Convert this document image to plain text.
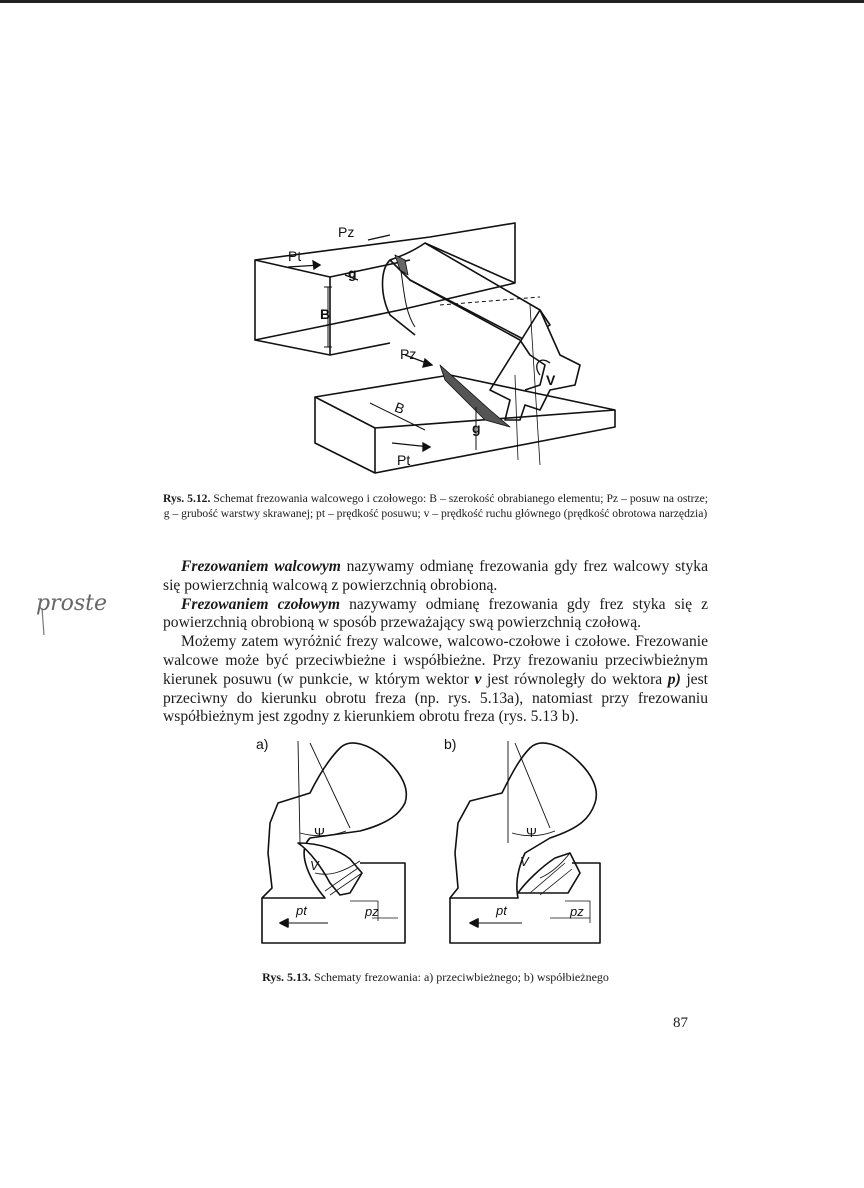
Pz
Pt
g
B
Pz
V
B
g
Pt
Rys. 5.12. Schemat frezowania walcowego i czołowego: B – szerokość obrabianego elementu; Pz – posuw na ostrze; g – grubość warstwy skrawanej; pt – prędkość posuwu; v – prędkość ruchu głównego (prędkość obrotowa narzędzia)
proste

Frezowaniem walcowym nazywamy odmianę frezowania gdy frez walcowy styka się powierzchnią walcową z powierzchnią obrobioną.

Frezowaniem czołowym nazywamy odmianę frezowania gdy frez styka się z powierzchnią obrobioną w sposób przeważający swą powierzchnią czołową.

Możemy zatem wyróżnić frezy walcowe, walcowo-czołowe i czołowe. Frezowanie walcowe może być przeciwbieżne i współbieżne. Przy frezowaniu przeciwbieżnym kierunek posuwu (w punkcie, w którym wektor v jest równoległy do wektora p) jest przeciwny do kierunku obrotu freza (np. rys. 5.13a), natomiast przy frezowaniu współbieżnym jest zgodny z kierunkiem obrotu freza (rys. 5.13 b).

a)	b)
Ψ
V
pt	pz
Ψ
V
pt	pz
Rys. 5.13. Schematy frezowania: a) przeciwbieżnego; b) współbieżnego
87
